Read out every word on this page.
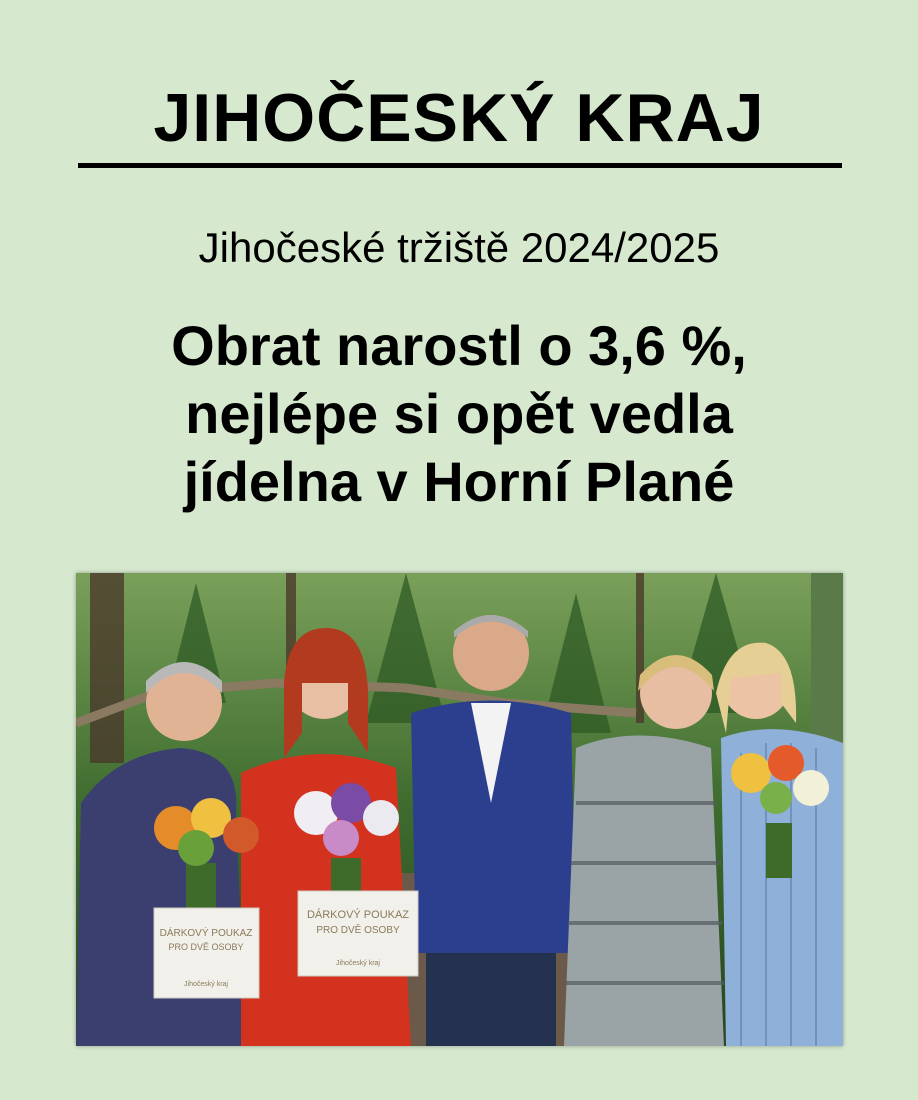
JIHOČESKÝ KRAJ
Jihočeské tržiště 2024/2025
Obrat narostl o 3,6 %,
nejlépe si opět vedla
jídelna v Horní Plané
DÁRKOVÝ POUKAZ
PRO DVĚ OSOBY
Jihočeský kraj
DÁRKOVÝ POUKAZ
PRO DVĚ OSOBY
Jihočeský kraj
